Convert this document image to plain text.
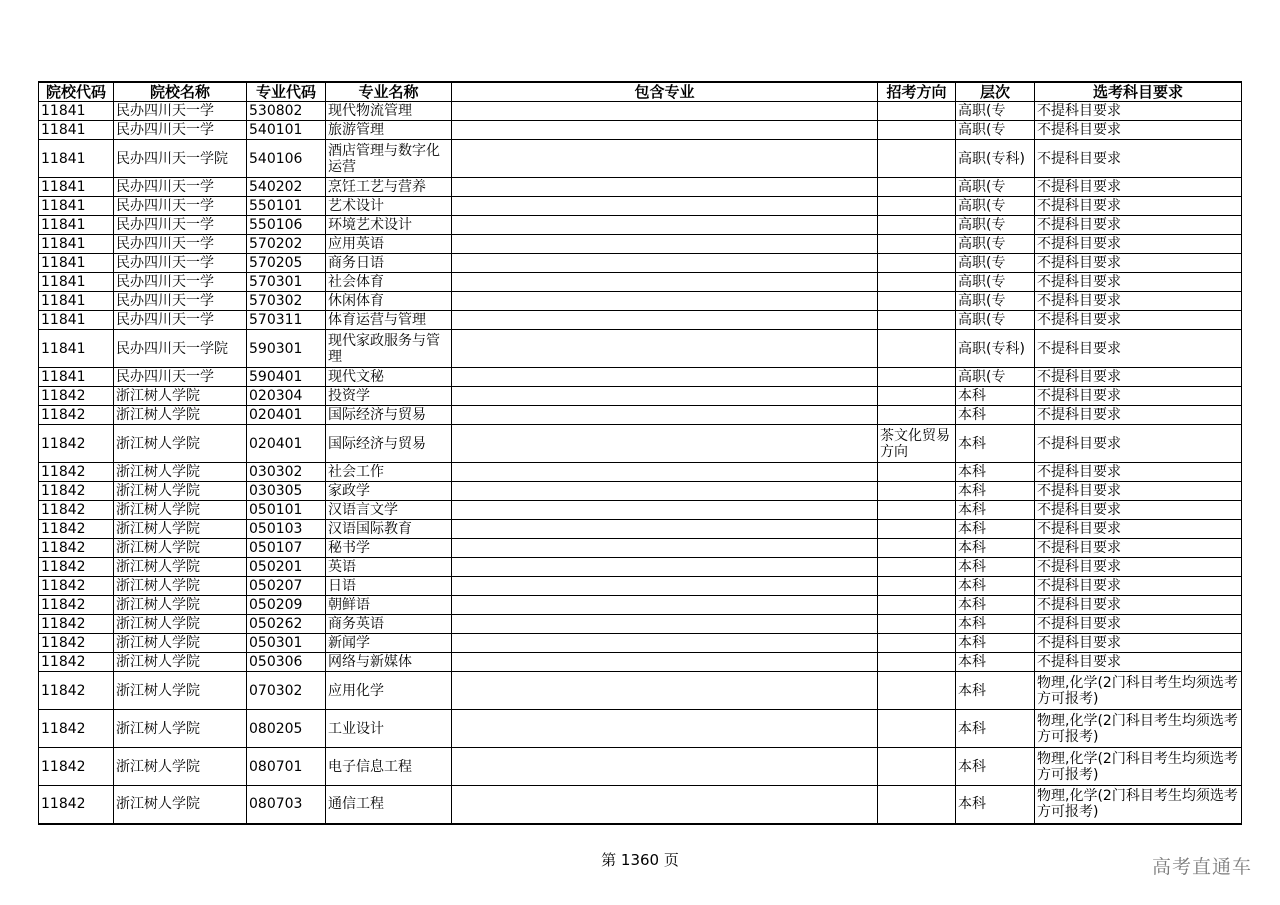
院校代码	院校名称	专业代码	专业名称	包含专业	招考方向	层次	选考科目要求
11841	民办四川天一学	530802	现代物流管理			高职(专	不提科目要求
11841	民办四川天一学	540101	旅游管理			高职(专	不提科目要求
11841	民办四川天一学院	540106	酒店管理与数字化运营			高职(专科)	不提科目要求
11841	民办四川天一学	540202	烹饪工艺与营养			高职(专	不提科目要求
11841	民办四川天一学	550101	艺术设计			高职(专	不提科目要求
11841	民办四川天一学	550106	环境艺术设计			高职(专	不提科目要求
11841	民办四川天一学	570202	应用英语			高职(专	不提科目要求
11841	民办四川天一学	570205	商务日语			高职(专	不提科目要求
11841	民办四川天一学	570301	社会体育			高职(专	不提科目要求
11841	民办四川天一学	570302	休闲体育			高职(专	不提科目要求
11841	民办四川天一学	570311	体育运营与管理			高职(专	不提科目要求
11841	民办四川天一学院	590301	现代家政服务与管理			高职(专科)	不提科目要求
11841	民办四川天一学	590401	现代文秘			高职(专	不提科目要求
11842	浙江树人学院	020304	投资学			本科	不提科目要求
11842	浙江树人学院	020401	国际经济与贸易			本科	不提科目要求
11842	浙江树人学院	020401	国际经济与贸易		茶文化贸易方向	本科	不提科目要求
11842	浙江树人学院	030302	社会工作			本科	不提科目要求
11842	浙江树人学院	030305	家政学			本科	不提科目要求
11842	浙江树人学院	050101	汉语言文学			本科	不提科目要求
11842	浙江树人学院	050103	汉语国际教育			本科	不提科目要求
11842	浙江树人学院	050107	秘书学			本科	不提科目要求
11842	浙江树人学院	050201	英语			本科	不提科目要求
11842	浙江树人学院	050207	日语			本科	不提科目要求
11842	浙江树人学院	050209	朝鲜语			本科	不提科目要求
11842	浙江树人学院	050262	商务英语			本科	不提科目要求
11842	浙江树人学院	050301	新闻学			本科	不提科目要求
11842	浙江树人学院	050306	网络与新媒体			本科	不提科目要求
11842	浙江树人学院	070302	应用化学			本科	物理,化学(2门科目考生均须选考方可报考)
11842	浙江树人学院	080205	工业设计			本科	物理,化学(2门科目考生均须选考方可报考)
11842	浙江树人学院	080701	电子信息工程			本科	物理,化学(2门科目考生均须选考方可报考)
11842	浙江树人学院	080703	通信工程			本科	物理,化学(2门科目考生均须选考方可报考)
第 1360 页	高考直通车
